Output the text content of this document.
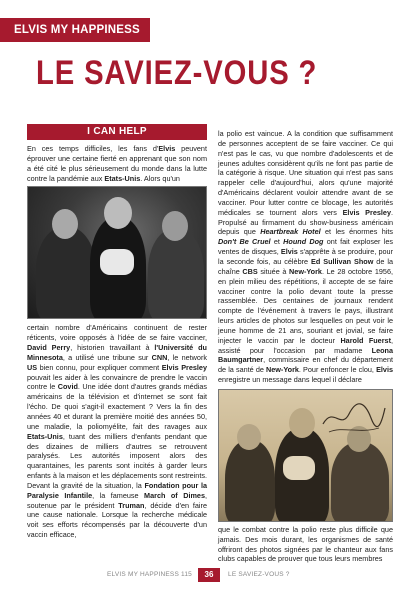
ELVIS MY HAPPINESS 115 LE SAVIEZ-VOUS ?
I CAN HELP

En ces temps difficiles, les fans d'Elvis peuvent éprouver une certaine fierté en apprenant que son nom a été cité le plus sérieusement du monde dans la lutte contre la pandémie aux Etats-Unis. Alors qu'un

certain nombre d'Américains continuent de rester réticents, voire opposés à l'idée de se faire vacciner, David Perry, historien travaillant à l'Université du Minnesota, a utilisé une tribune sur CNN, le network US bien connu, pour expliquer comment Elvis Presley pouvait les aider à les convaincre de prendre le vaccin contre le Covid. Une idée dont d'autres grands médias américains de la télévision et d'internet se sont fait l'écho. De quoi s'agit-il exactement ? Vers la fin des années 40 et durant la première moitié des années 50, une maladie, la poliomyélite, fait des ravages aux Etats-Unis, tuant des milliers d'enfants pendant que des dizaines de milliers d'autres se retrouvent paralysés. Les autorités imposent alors des quarantaines, les parents sont incités à garder leurs enfants à la maison et les déplacements sont restreints. Devant la gravité de la situation, la Fondation pour la Paralysie Infantile, la fameuse March of Dimes, soutenue par le président Truman, décide d'en faire une cause nationale. Lorsque la recherche médicale voit ses efforts récompensés par la découverte d'un vaccin efficace,

la polio est vaincue. A la condition que suffisamment de personnes acceptent de se faire vacciner. Ce qui n'est pas le cas, vu que nombre d'adolescents et de jeunes adultes considèrent qu'ils ne font pas partie de la catégorie à risque. Une situation qui n'est pas sans rappeler celle d'aujourd'hui, alors qu'une majorité d'Américains déclarent vouloir attendre avant de se vacciner. Pour lutter contre ce blocage, les autorités médicales se tournent alors vers Elvis Presley. Propulsé au firmament du show-business américain depuis que Heartbreak Hotel et les énormes hits Don't Be Cruel et Hound Dog ont fait exploser les ventes de disques, Elvis s'apprête à se produire, pour la seconde fois, au célèbre Ed Sullivan Show de la chaîne CBS située à New-York. Le 28 octobre 1956, en plein milieu des répétitions, il accepte de se faire vacciner contre la polio devant toute la presse rassemblée. Des centaines de journaux rendent compte de l'événement à travers le pays, illustrant leurs articles de photos sur lesquelles on peut voir le jeune homme de 21 ans, souriant et jovial, se faire injecter le vaccin par le docteur Harold Fuerst, assisté pour l'occasion par madame Leona Baumgartner, commissaire en chef du département de la santé de New-York. Pour enfoncer le clou, Elvis enregistre un message dans lequel il déclare

que le combat contre la polio reste plus difficile que jamais. Des mois durant, les organismes de santé offriront des photos signées par le chanteur aux fans clubs capables de prouver que tous leurs membres

ELVIS MY HAPPINESS 115	36	LE SAVIEZ-VOUS ?
